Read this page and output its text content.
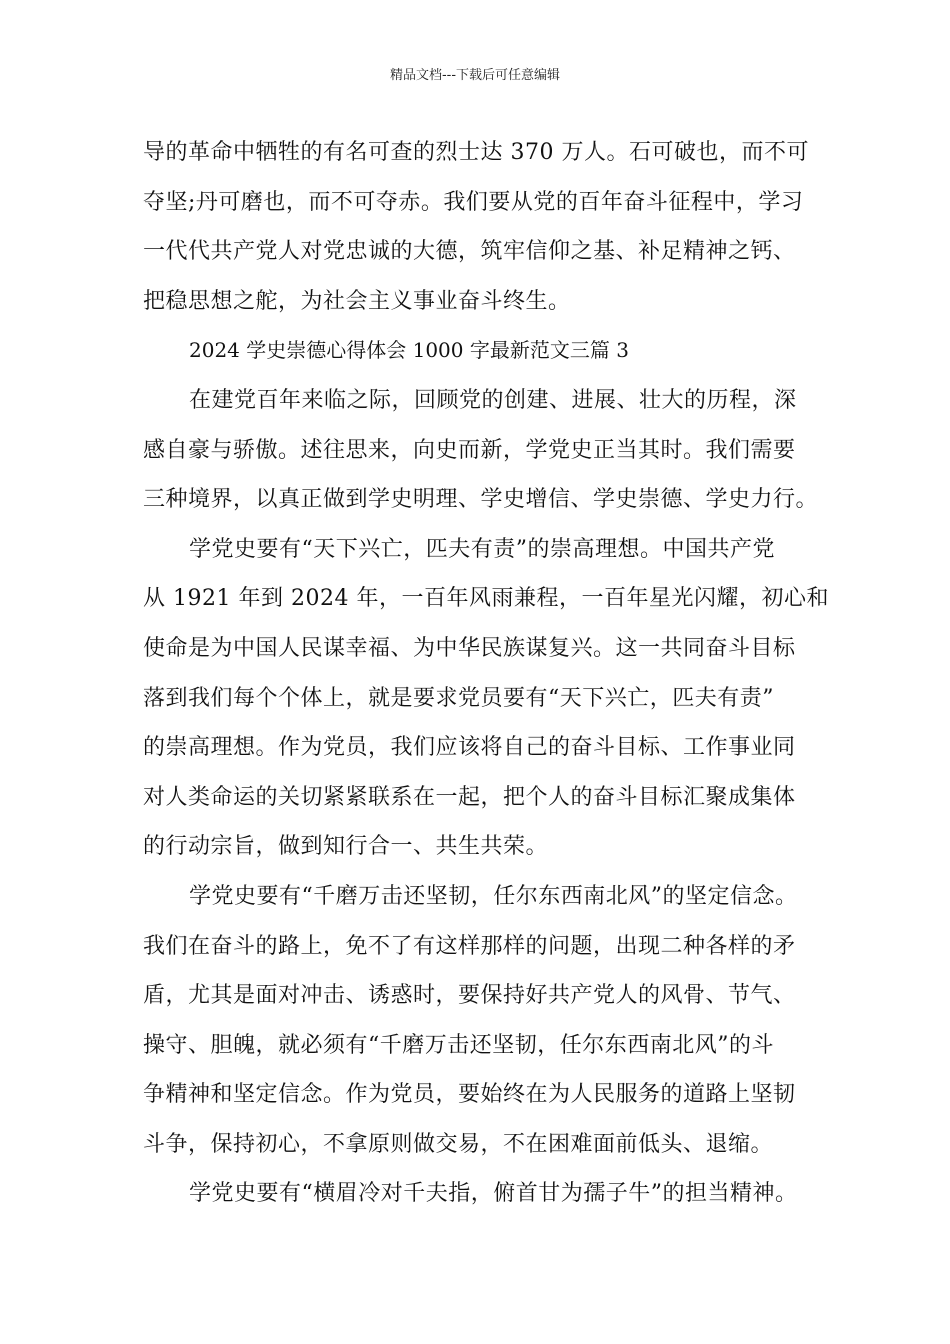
精品文档---下载后可任意编辑
导的革命中牺牲的有名可查的烈士达 370 万人。石可破也，而不可
夺坚;丹可磨也，而不可夺赤。我们要从党的百年奋斗征程中，学习
一代代共产党人对党忠诚的大德，筑牢信仰之基、补足精神之钙、
把稳思想之舵，为社会主义事业奋斗终生。
2024 学史崇德心得体会 1000 字最新范文三篇 3
在建党百年来临之际，回顾党的创建、进展、壮大的历程，深
感自豪与骄傲。述往思来，向史而新，学党史正当其时。我们需要
三种境界，以真正做到学史明理、学史增信、学史崇德、学史力行。
学党史要有“天下兴亡，匹夫有责”的崇高理想。中国共产党
从 1921 年到 2024 年，一百年风雨兼程，一百年星光闪耀，初心和
使命是为中国人民谋幸福、为中华民族谋复兴。这一共同奋斗目标
落到我们每个个体上，就是要求党员要有“天下兴亡，匹夫有责”
的崇高理想。作为党员，我们应该将自己的奋斗目标、工作事业同
对人类命运的关切紧紧联系在一起，把个人的奋斗目标汇聚成集体
的行动宗旨，做到知行合一、共生共荣。
学党史要有“千磨万击还坚韧，任尔东西南北风”的坚定信念。
我们在奋斗的路上，免不了有这样那样的问题，出现二种各样的矛
盾，尤其是面对冲击、诱惑时，要保持好共产党人的风骨、节气、
操守、胆魄，就必须有“千磨万击还坚韧，任尔东西南北风”的斗
争精神和坚定信念。作为党员，要始终在为人民服务的道路上坚韧
斗争，保持初心，不拿原则做交易，不在困难面前低头、退缩。
学党史要有“横眉冷对千夫指，俯首甘为孺子牛”的担当精神。
